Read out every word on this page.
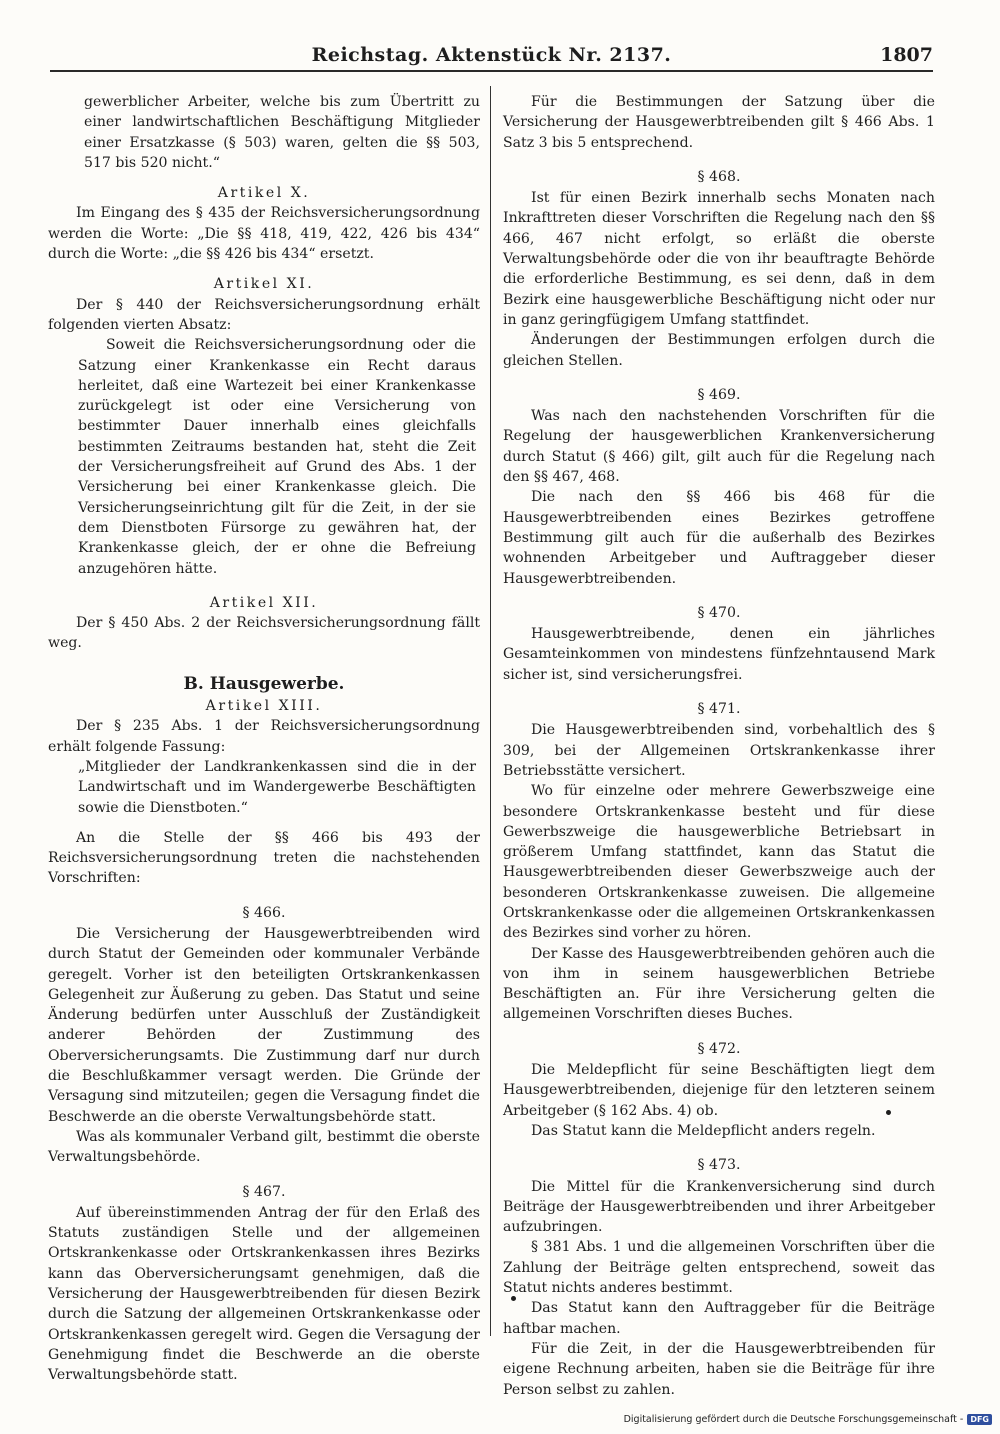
Reichstag. Aktenstück Nr. 2137.	1807

gewerblicher Arbeiter, welche bis zum Übertritt zu einer landwirtschaftlichen Beschäftigung Mitglieder einer Ersatzkasse (§ 503) waren, gelten die §§ 503, 517 bis 520 nicht.“

Artikel X.

Im Eingang des § 435 der Reichsversicherungsordnung werden die Worte: „Die §§ 418, 419, 422, 426 bis 434“ durch die Worte: „die §§ 426 bis 434“ ersetzt.

Artikel XI.

Der § 440 der Reichsversicherungsordnung erhält folgenden vierten Absatz:

Soweit die Reichsversicherungsordnung oder die Satzung einer Krankenkasse ein Recht daraus herleitet, daß eine Wartezeit bei einer Krankenkasse zurückgelegt ist oder eine Versicherung von bestimmter Dauer innerhalb eines gleichfalls bestimmten Zeitraums bestanden hat, steht die Zeit der Versicherungsfreiheit auf Grund des Abs. 1 der Versicherung bei einer Krankenkasse gleich. Die Versicherungseinrichtung gilt für die Zeit, in der sie dem Dienstboten Fürsorge zu gewähren hat, der Krankenkasse gleich, der er ohne die Befreiung anzugehören hätte.

Artikel XII.

Der § 450 Abs. 2 der Reichsversicherungsordnung fällt weg.

B. Hausgewerbe.

Artikel XIII.

Der § 235 Abs. 1 der Reichsversicherungsordnung erhält folgende Fassung:

„Mitglieder der Landkrankenkassen sind die in der Landwirtschaft und im Wandergewerbe Beschäftigten sowie die Dienstboten.“

An die Stelle der §§ 466 bis 493 der Reichsversicherungsordnung treten die nachstehenden Vorschriften:

§ 466.

Die Versicherung der Hausgewerbtreibenden wird durch Statut der Gemeinden oder kommunaler Verbände geregelt. Vorher ist den beteiligten Ortskrankenkassen Gelegenheit zur Äußerung zu geben. Das Statut und seine Änderung bedürfen unter Ausschluß der Zuständigkeit anderer Behörden der Zustimmung des Oberversicherungsamts. Die Zustimmung darf nur durch die Beschlußkammer versagt werden. Die Gründe der Versagung sind mitzuteilen; gegen die Versagung findet die Beschwerde an die oberste Verwaltungsbehörde statt.

Was als kommunaler Verband gilt, bestimmt die oberste Verwaltungsbehörde.

§ 467.

Auf übereinstimmenden Antrag der für den Erlaß des Statuts zuständigen Stelle und der allgemeinen Ortskrankenkasse oder Ortskrankenkassen ihres Bezirks kann das Oberversicherungsamt genehmigen, daß die Versicherung der Hausgewerbtreibenden für diesen Bezirk durch die Satzung der allgemeinen Ortskrankenkasse oder Ortskrankenkassen geregelt wird. Gegen die Versagung der Genehmigung findet die Beschwerde an die oberste Verwaltungsbehörde statt.

Für die Bestimmungen der Satzung über die Versicherung der Hausgewerbtreibenden gilt § 466 Abs. 1 Satz 3 bis 5 entsprechend.

§ 468.

Ist für einen Bezirk innerhalb sechs Monaten nach Inkrafttreten dieser Vorschriften die Regelung nach den §§ 466, 467 nicht erfolgt, so erläßt die oberste Verwaltungsbehörde oder die von ihr beauftragte Behörde die erforderliche Bestimmung, es sei denn, daß in dem Bezirk eine hausgewerbliche Beschäftigung nicht oder nur in ganz geringfügigem Umfang stattfindet.

Änderungen der Bestimmungen erfolgen durch die gleichen Stellen.

§ 469.

Was nach den nachstehenden Vorschriften für die Regelung der hausgewerblichen Krankenversicherung durch Statut (§ 466) gilt, gilt auch für die Regelung nach den §§ 467, 468.

Die nach den §§ 466 bis 468 für die Hausgewerbtreibenden eines Bezirkes getroffene Bestimmung gilt auch für die außerhalb des Bezirkes wohnenden Arbeitgeber und Auftraggeber dieser Hausgewerbtreibenden.

§ 470.

Hausgewerbtreibende, denen ein jährliches Gesamteinkommen von mindestens fünfzehntausend Mark sicher ist, sind versicherungsfrei.

§ 471.

Die Hausgewerbtreibenden sind, vorbehaltlich des § 309, bei der Allgemeinen Ortskrankenkasse ihrer Betriebsstätte versichert.

Wo für einzelne oder mehrere Gewerbszweige eine besondere Ortskrankenkasse besteht und für diese Gewerbszweige die hausgewerbliche Betriebsart in größerem Umfang stattfindet, kann das Statut die Hausgewerbtreibenden dieser Gewerbszweige auch der besonderen Ortskrankenkasse zuweisen. Die allgemeine Ortskrankenkasse oder die allgemeinen Ortskrankenkassen des Bezirkes sind vorher zu hören.

Der Kasse des Hausgewerbtreibenden gehören auch die von ihm in seinem hausgewerblichen Betriebe Beschäftigten an. Für ihre Versicherung gelten die allgemeinen Vorschriften dieses Buches.

§ 472.

Die Meldepflicht für seine Beschäftigten liegt dem Hausgewerbtreibenden, diejenige für den letzteren seinem Arbeitgeber (§ 162 Abs. 4) ob.

Das Statut kann die Meldepflicht anders regeln.

§ 473.

Die Mittel für die Krankenversicherung sind durch Beiträge der Hausgewerbtreibenden und ihrer Arbeitgeber aufzubringen.

§ 381 Abs. 1 und die allgemeinen Vorschriften über die Zahlung der Beiträge gelten entsprechend, soweit das Statut nichts anderes bestimmt.

Das Statut kann den Auftraggeber für die Beiträge haftbar machen.

Für die Zeit, in der die Hausgewerbtreibenden für eigene Rechnung arbeiten, haben sie die Beiträge für ihre Person selbst zu zahlen.

Digitalisierung gefördert durch die Deutsche Forschungsgemeinschaft - DFG
